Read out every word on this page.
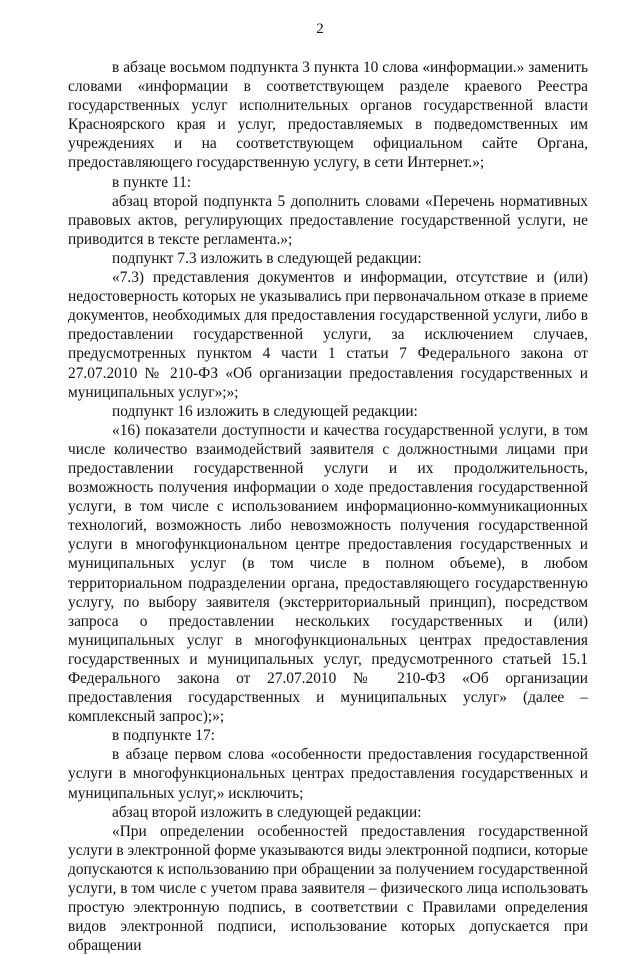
2

в абзаце восьмом подпункта 3 пункта 10 слова «информации.» заменить словами «информации в соответствующем разделе краевого Реестра государственных услуг исполнительных органов государственной власти Красноярского края и услуг, предоставляемых в подведомственных им учреждениях и на соответствующем официальном сайте Органа, предоставляющего государственную услугу, в сети Интернет.»;

в пункте 11:

абзац второй подпункта 5 дополнить словами «Перечень нормативных правовых актов, регулирующих предоставление государственной услуги, не приводится в тексте регламента.»;

подпункт 7.3 изложить в следующей редакции:

«7.3) представления документов и информации, отсутствие и (или) недостоверность которых не указывались при первоначальном отказе в приеме документов, необходимых для предоставления государственной услуги, либо в предоставлении государственной услуги, за исключением случаев, предусмотренных пунктом 4 части 1 статьи 7 Федерального закона от 27.07.2010 № 210-ФЗ «Об организации предоставления государственных и муниципальных услуг»;»;

подпункт 16 изложить в следующей редакции:

«16) показатели доступности и качества государственной услуги, в том числе количество взаимодействий заявителя с должностными лицами при предоставлении государственной услуги и их продолжительность, возможность получения информации о ходе предоставления государственной услуги, в том числе с использованием информационно-коммуникационных технологий, возможность либо невозможность получения государственной услуги в многофункциональном центре предоставления государственных и муниципальных услуг (в том числе в полном объеме), в любом территориальном подразделении органа, предоставляющего государственную услугу, по выбору заявителя (экстерриториальный принцип), посредством запроса о предоставлении нескольких государственных и (или) муниципальных услуг в многофункциональных центрах предоставления государственных и муниципальных услуг, предусмотренного статьей 15.1 Федерального закона от 27.07.2010 № 210-ФЗ «Об организации предоставления государственных и муниципальных услуг» (далее – комплексный запрос);»;

в подпункте 17:

в абзаце первом слова «особенности предоставления государственной услуги в многофункциональных центрах предоставления государственных и муниципальных услуг,» исключить;

абзац второй изложить в следующей редакции:

«При определении особенностей предоставления государственной услуги в электронной форме указываются виды электронной подписи, которые допускаются к использованию при обращении за получением государственной услуги, в том числе с учетом права заявителя – физического лица использовать простую электронную подпись, в соответствии с Правилами определения видов электронной подписи, использование которых допускается при обращении
